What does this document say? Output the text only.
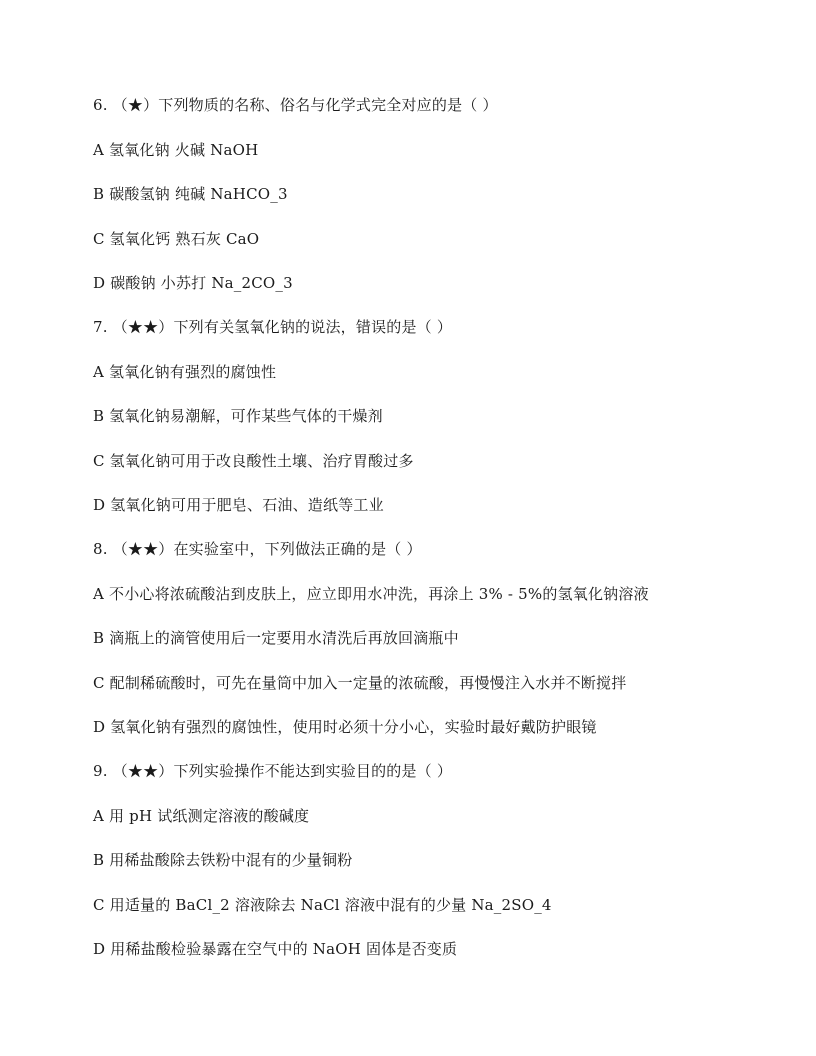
6. （★）下列物质的名称、俗名与化学式完全对应的是（ ）
A 氢氧化钠 火碱 NaOH
B 碳酸氢钠 纯碱 NaHCO_3
C 氢氧化钙 熟石灰 CaO
D 碳酸钠 小苏打 Na_2CO_3
7. （★★）下列有关氢氧化钠的说法，错误的是（ ）
A 氢氧化钠有强烈的腐蚀性
B 氢氧化钠易潮解，可作某些气体的干燥剂
C 氢氧化钠可用于改良酸性土壤、治疗胃酸过多
D 氢氧化钠可用于肥皂、石油、造纸等工业
8. （★★）在实验室中，下列做法正确的是（ ）
A 不小心将浓硫酸沾到皮肤上，应立即用水冲洗，再涂上 3% - 5%的氢氧化钠溶液
B 滴瓶上的滴管使用后一定要用水清洗后再放回滴瓶中
C 配制稀硫酸时，可先在量筒中加入一定量的浓硫酸，再慢慢注入水并不断搅拌
D 氢氧化钠有强烈的腐蚀性，使用时必须十分小心，实验时最好戴防护眼镜
9. （★★）下列实验操作不能达到实验目的的是（ ）
A 用 pH 试纸测定溶液的酸碱度
B 用稀盐酸除去铁粉中混有的少量铜粉
C 用适量的 BaCl_2 溶液除去 NaCl 溶液中混有的少量 Na_2SO_4
D 用稀盐酸检验暴露在空气中的 NaOH 固体是否变质
